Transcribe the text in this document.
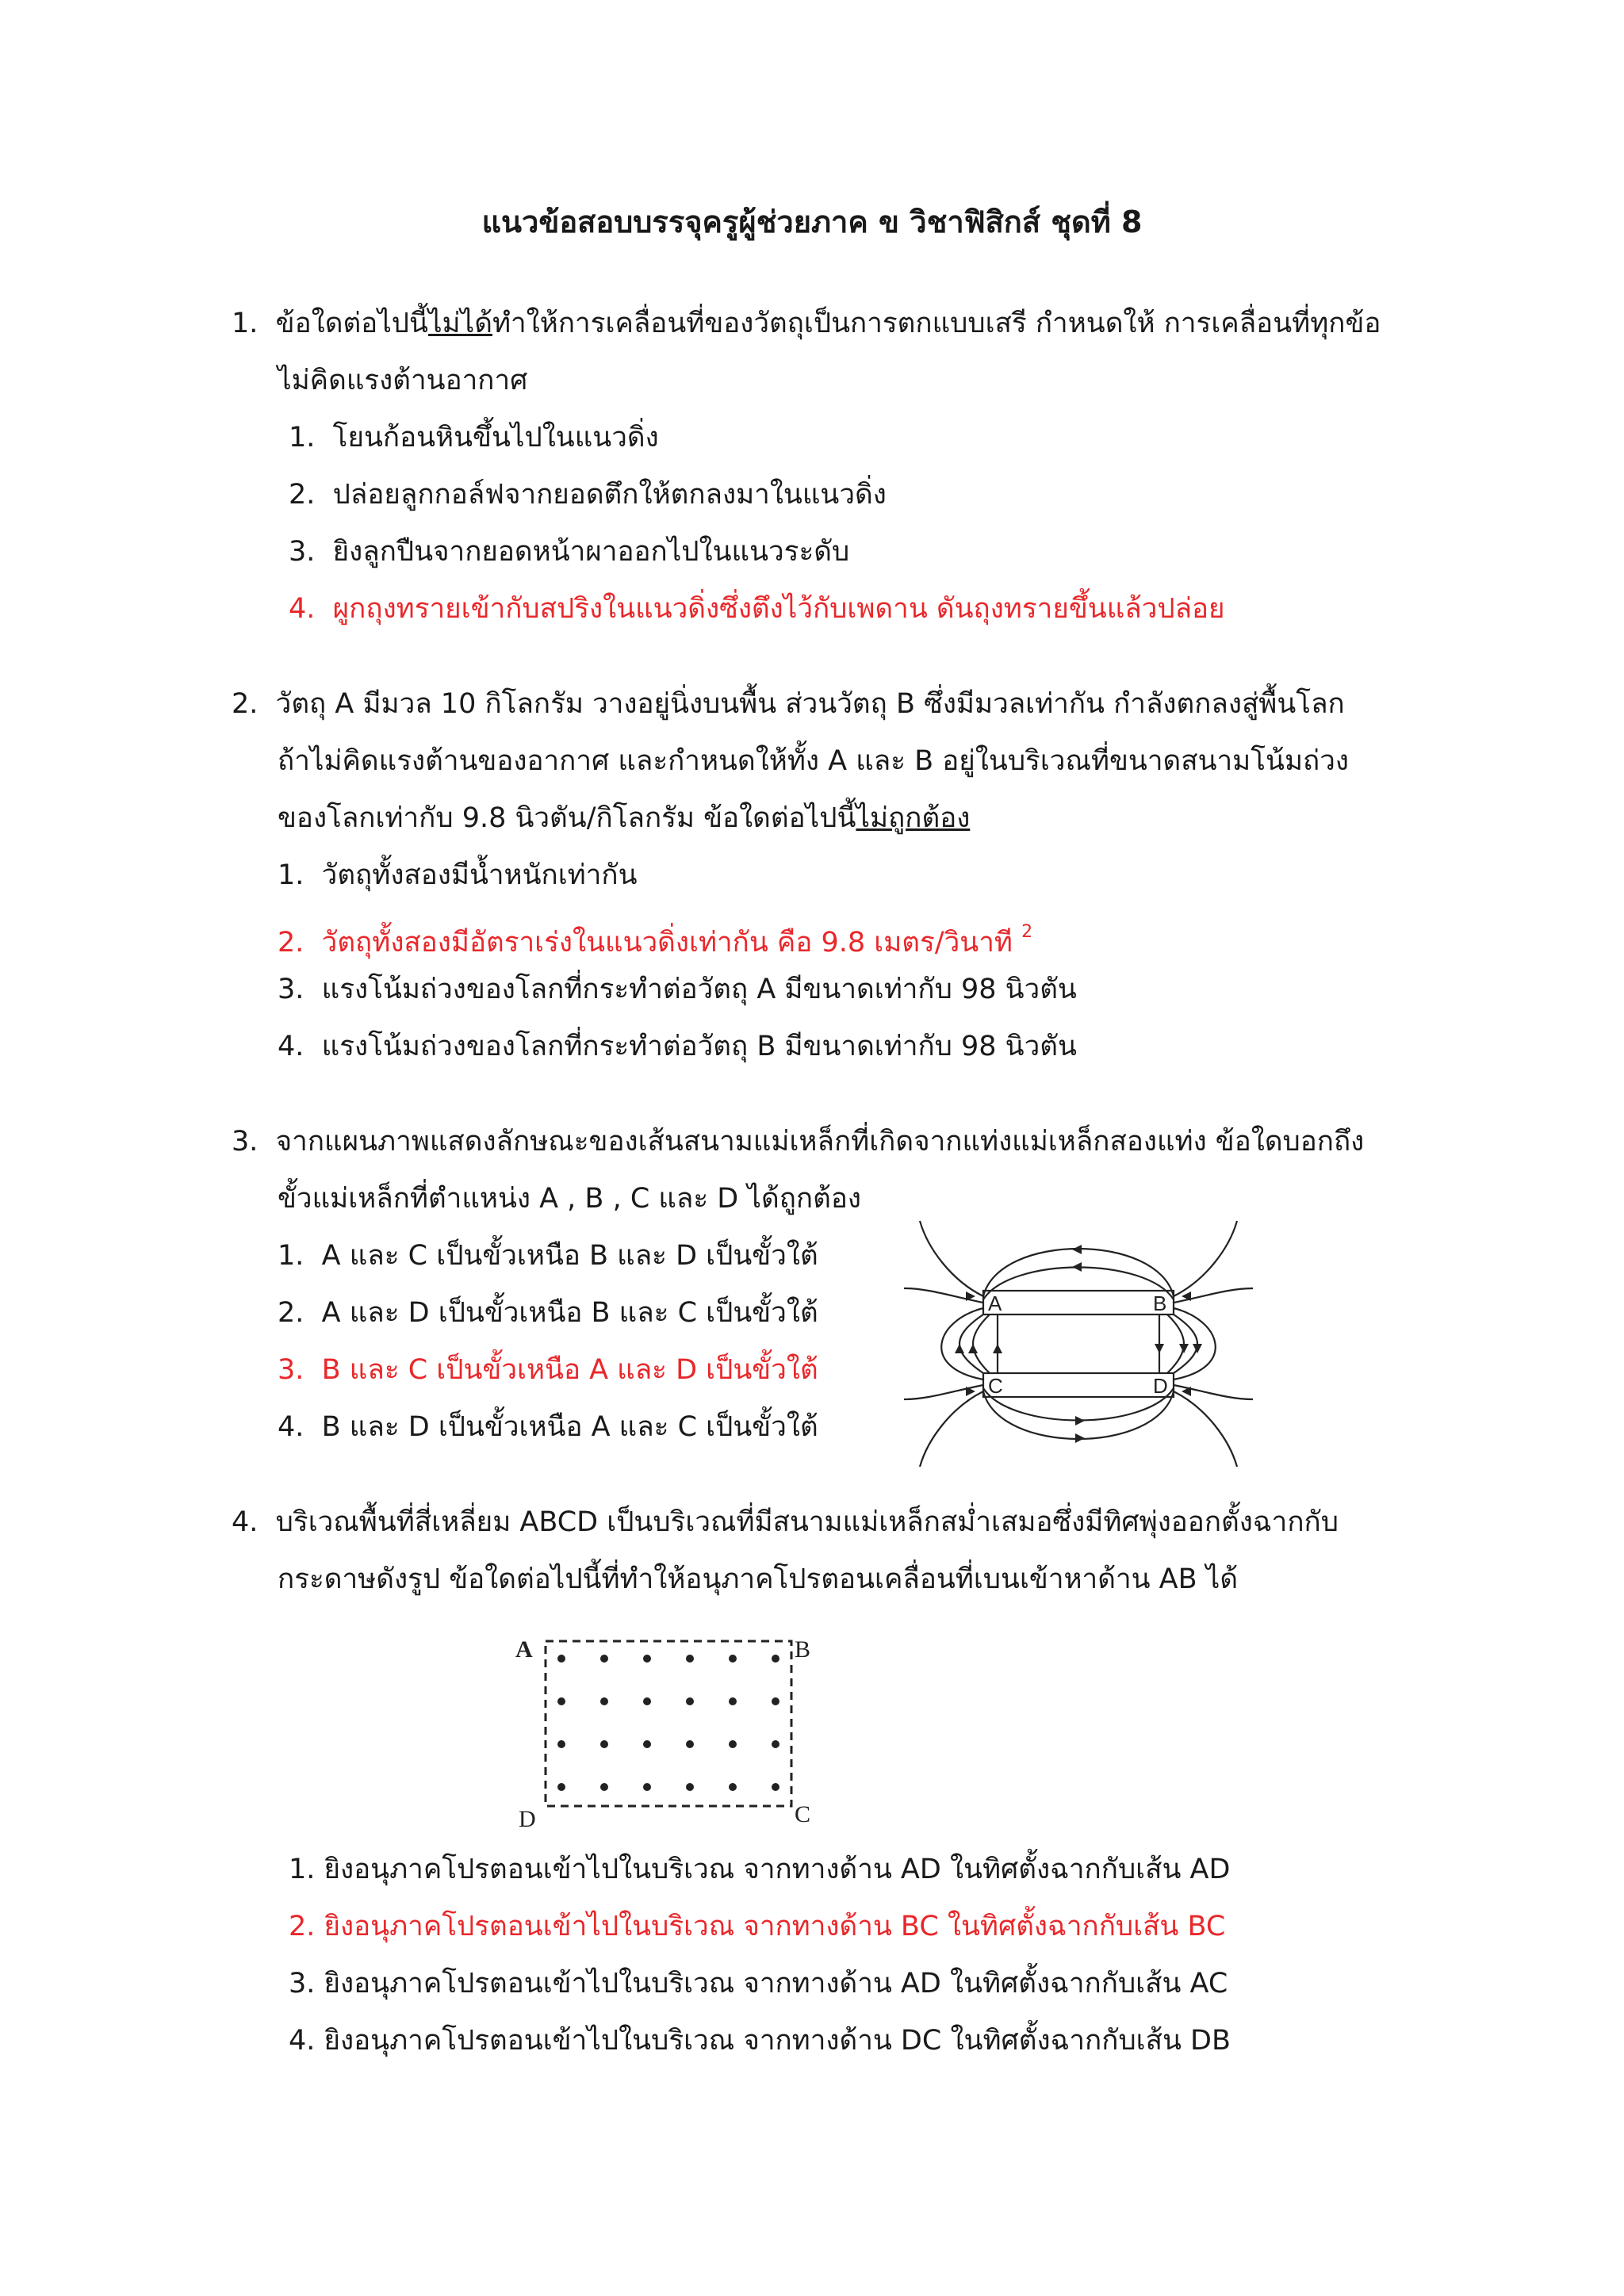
แนวข้อสอบบรรจุครูผู้ช่วยภาค ข วิชาฟิสิกส์ ชุดที่ 8
1. ข้อใดต่อไปนี้ไม่ได้ทำให้การเคลื่อนที่ของวัตถุเป็นการตกแบบเสรี กำหนดให้ การเคลื่อนที่ทุกข้อ
ไม่คิดแรงต้านอากาศ
1. โยนก้อนหินขึ้นไปในแนวดิ่ง
2. ปล่อยลูกกอล์ฟจากยอดตึกให้ตกลงมาในแนวดิ่ง
3. ยิงลูกปืนจากยอดหน้าผาออกไปในแนวระดับ
4. ผูกถุงทรายเข้ากับสปริงในแนวดิ่งซึ่งตึงไว้กับเพดาน ดันถุงทรายขึ้นแล้วปล่อย
2. วัตถุ A มีมวล 10 กิโลกรัม วางอยู่นิ่งบนพื้น ส่วนวัตถุ B ซึ่งมีมวลเท่ากัน กำลังตกลงสู่พื้นโลก
ถ้าไม่คิดแรงต้านของอากาศ และกำหนดให้ทั้ง A และ B อยู่ในบริเวณที่ขนาดสนามโน้มถ่วง
ของโลกเท่ากับ 9.8 นิวตัน/กิโลกรัม ข้อใดต่อไปนี้ไม่ถูกต้อง
1. วัตถุทั้งสองมีน้ำหนักเท่ากัน
2. วัตถุทั้งสองมีอัตราเร่งในแนวดิ่งเท่ากัน คือ 9.8 เมตร/วินาที $^2$
3. แรงโน้มถ่วงของโลกที่กระทำต่อวัตถุ A มีขนาดเท่ากับ 98 นิวตัน
4. แรงโน้มถ่วงของโลกที่กระทำต่อวัตถุ B มีขนาดเท่ากับ 98 นิวตัน
3. จากแผนภาพแสดงลักษณะของเส้นสนามแม่เหล็กที่เกิดจากแท่งแม่เหล็กสองแท่ง ข้อใดบอกถึง
ขั้วแม่เหล็กที่ตำแหน่ง A , B , C และ D ได้ถูกต้อง
1. A และ C เป็นขั้วเหนือ B และ D เป็นขั้วใต้
2. A และ D เป็นขั้วเหนือ B และ C เป็นขั้วใต้
3. B และ C เป็นขั้วเหนือ A และ D เป็นขั้วใต้
4. B และ D เป็นขั้วเหนือ A และ C เป็นขั้วใต้
A	B
C	D
4. บริเวณพื้นที่สี่เหลี่ยม ABCD เป็นบริเวณที่มีสนามแม่เหล็กสม่ำเสมอซึ่งมีทิศพุ่งออกตั้งฉากกับ
กระดาษดังรูป ข้อใดต่อไปนี้ที่ทำให้อนุภาคโปรตอนเคลื่อนที่เบนเข้าหาด้าน AB ได้
A	B
C
D
1. ยิงอนุภาคโปรตอนเข้าไปในบริเวณ จากทางด้าน AD ในทิศตั้งฉากกับเส้น AD
2. ยิงอนุภาคโปรตอนเข้าไปในบริเวณ จากทางด้าน BC ในทิศตั้งฉากกับเส้น BC
3. ยิงอนุภาคโปรตอนเข้าไปในบริเวณ จากทางด้าน AD ในทิศตั้งฉากกับเส้น AC
4. ยิงอนุภาคโปรตอนเข้าไปในบริเวณ จากทางด้าน DC ในทิศตั้งฉากกับเส้น DB
